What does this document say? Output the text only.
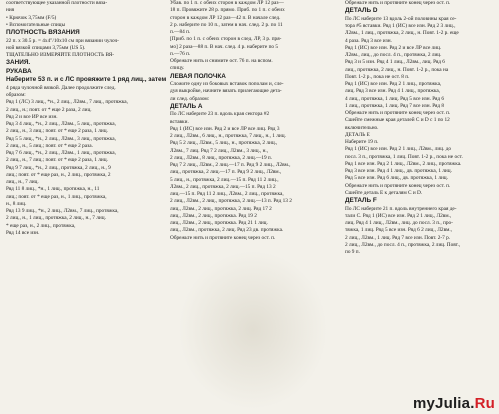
соответствующее указанной плотности вяза-
ния
• Крючок 3,75мм (F/5)
• Вспомогательные спицы
ПЛОТНОСТЬ ВЯЗАНИЯ
22 п. х 30.5 р. = 4х4"/10х10 см при вязании чулоч-
ной вязкой спицами 3,75мм (US 5).
ТЩАТЕЛЬНО ИЗМЕРЯЙТЕ ПЛОТНОСТЬ ВЯ-
ЗАНИЯ.
РУКАВА
Наберите 53 п. и с ЛС провяжите 1 ряд лиц., затем
4 ряда чулочной вязкой. Далее продолжите след.
образом:
Ряд 1 (ЛС) 3 лиц., *н., 2 лиц., Л2вм., 7 лиц., протяжка,
2 лиц., н.; повт. от * еще 2 раза, 2 лиц.
Ряд 2 и все ИР все изн.
Ряд 3 4 лиц., *н., 2 лиц., Л2вм., 5 лиц., протяжка,
2 лиц., н., 3 лиц.; повт. от * еще 2 раза, 1 лиц.
Ряд 5 5 лиц., *н., 2 лиц., Л2вм., 3 лиц., протяжка,
2 лиц., н., 5 лиц.; повт. от * еще 2 раза.
Ряд 7 6 лиц., *н., 2 лиц., Л2вм., 1 лиц., протяжка,
2 лиц., н., 7 лиц.; повт. от * еще 2 раза, 1 лиц.
Ряд 9 7 лиц., *н., 2 лиц., протяжка, 2 лиц., н., 9
лиц.; повт. от * еще раз, н., 2 лиц., протяжка, 2
лиц., н., 7 лиц.
Ряд 11 8 лиц., *н., 1 лиц., протяжка, н., 11
лиц.; повт. от * еще раз, н., 1 лиц., протяжка,
н., 8 лиц.
Ряд 13 9 лиц., *н., 2 лиц., Л2вм., 7 лиц., протяжка,
2 лиц., н., 1 лиц., протяжка, 2 лиц., н., 7 лиц.
* еще раз, н., 2 лиц., протяжка,
Ряд 14 все изн.
Убав. по 1 п. с обеих сторон в каждом ЛР 12 раз—
18 п. Провяжите 28 р. прямо. Приб. по 1 п. с обеих
сторон в каждом ЛР 12 раз—42 п. В начале след.
2 р. наберите по 10 п., затем в нач. след. 2 р. по 11
п.—84 п.
[Приб. по 1 п. с обеих сторон в след. ЛР, 3 р. пря-
мо] 2 раза—88 п. В нач. след. 4 р. наберите по 5
п.—76 п.
Обрежьте нить и снимите ост. 76 п. на вспом.
спицу.
ЛЕВАЯ ПОЛОЧКА
Сложите одну из боковых вставок пополам и, сле-
дуя выкройке, начните вязать прилегающие дета-
ли след. образом:
ДЕТАЛЬ А
По ЛС наберите 23 п. вдоль края сектора #2
вставки.
Ряд 1 (ИС) все изн. Ряд 2 и все ЛР все лиц. Ряд 3
2 лиц., Л2вм., 6 лиц., н., протяжка, 7 лиц., н., 1 лиц.
Ряд 5 2 лиц., Л2вм., 5 лиц., н., протяжка, 2 лиц.,
Л2вм., 7 лиц. Ряд 7 2 лиц., Л2вм., 3 лиц., н.,
2 лиц., Л2вм., 8 лиц., протяжка, 2 лиц.—19 п.
Ряд 7 2 лиц., Л2вм., 2 лиц.—17 п. Ряд 9 2 лиц., Л2вм.,
лиц., протяжка, 2 лиц.—17 п. Ряд 9 2 лиц., Л2вм.,
5 лиц., н., протяжка, 2 лиц.—15 п. Ряд 11 2 лиц.,
Л2вм., 2 лиц., протяжка, 2 лиц.—15 п. Ряд 13 2
лиц.—15 п. Ряд 11 2 лиц., Л2вм., 2 лиц., протяжка,
2 лиц., Л2вм., 2 лиц., протяжка, 2 лиц.—13 п. Ряд 13 2
лиц., Л2вм., 2 лиц., протяжка, 2 лиц. Ряд 17 2
лиц., Л2вм., 2 лиц., протяжка. Ряд 19 2
лиц., Л2вм., 2 лиц., протяжка. Ряд 21 1 лиц.
лиц., Л2вм., протяжка, 2 лиц. Ряд 23 дв. протяжка.
Обрежьте нить и протяните конец через ост. п.
Обрежьте нить и протяните конец через ост. п.
ДЕТАЛЬ D
По ЛС наберите 13 вдоль 2-ой половины края се-
тора #5 вставки. Ряд 1 (ИС) все изн. Ряд 2 3 лиц.,
Л2вм., 1 лиц., протяжка, 2 лиц., н. Повт. 1-2 р. еще
4 раза. Ряд 3 все изн.
Ряд 1 (ИС) все изн. Ряд 2 и все ЛР все лиц.
Л2вм., лиц., до посл. 4 п., протяжка, 2 лиц.
Ряд 3 и 5 изн. Ряд 4 1 лиц., Л2вм., лиц. Ряд 6
лиц., протяжка, 2 лиц., н. Повт. 1-2 р., пока на
Повт. 1-2 р., пока не ост. 8 п.
Ряд 1 (ИС) все изн. Ряд 2 1 лиц., протяжка,
лиц. Ряд 3 все изн. Ряд 4 1 лиц., протяжка,
4 лиц., протяжка, 1 лиц. Ряд 5 все изн. Ряд 6
1 лиц., протяжка, 1 лиц. Ряд 7 все изн. Ряд 8
Обрежьте нить и протяните конец через ост. п.
Сшейте смежные края деталей С и D с 1 по 12
включительно.
ДЕТАЛЬ Е
Наберите 19 п.
Ряд 1 (ИС) все изн. Ряд 2 1 лиц., Л2вм., лиц. до
посл. 3 п., протяжка, 1 лиц. Повт. 1-2 р., пока не ост.
Ряд 1 все изн. Ряд 2 1 лиц., Л2вм., 2 лиц., протяжка.
Ряд 3 все изн. Ряд 4 1 лиц., дв. протяжка, 1 лиц.
Ряд 5 все изн. Ряд 6 лиц., дв. протяжка, 1 лиц.
Обрежьте нить и протяните конец через ост. п.
Сшейте деталь Е к деталям С и D.
ДЕТАЛЬ F
По ЛС наберите 21 п. вдоль внутреннего края де-
тали С. Ряд 1 (ИС) все изн. Ряд 2 1 лиц., Л2вм.,
лиц. Ряд 4 1 лиц., Л2вм., лиц. до посл. 3 п., про-
тяжка, 1 лиц. Ряд 5 все изн. Ряд 6 2 лиц., Л2вм.,
2 лиц., Л2вм., 1 лиц. Ряд 7 все изн. Повт. 2-7 р.
2 лиц., Л2вм., до посл. 4 п., протяжка, 2 лиц. Повт.,
по 9 п.
myJulia.Ru
